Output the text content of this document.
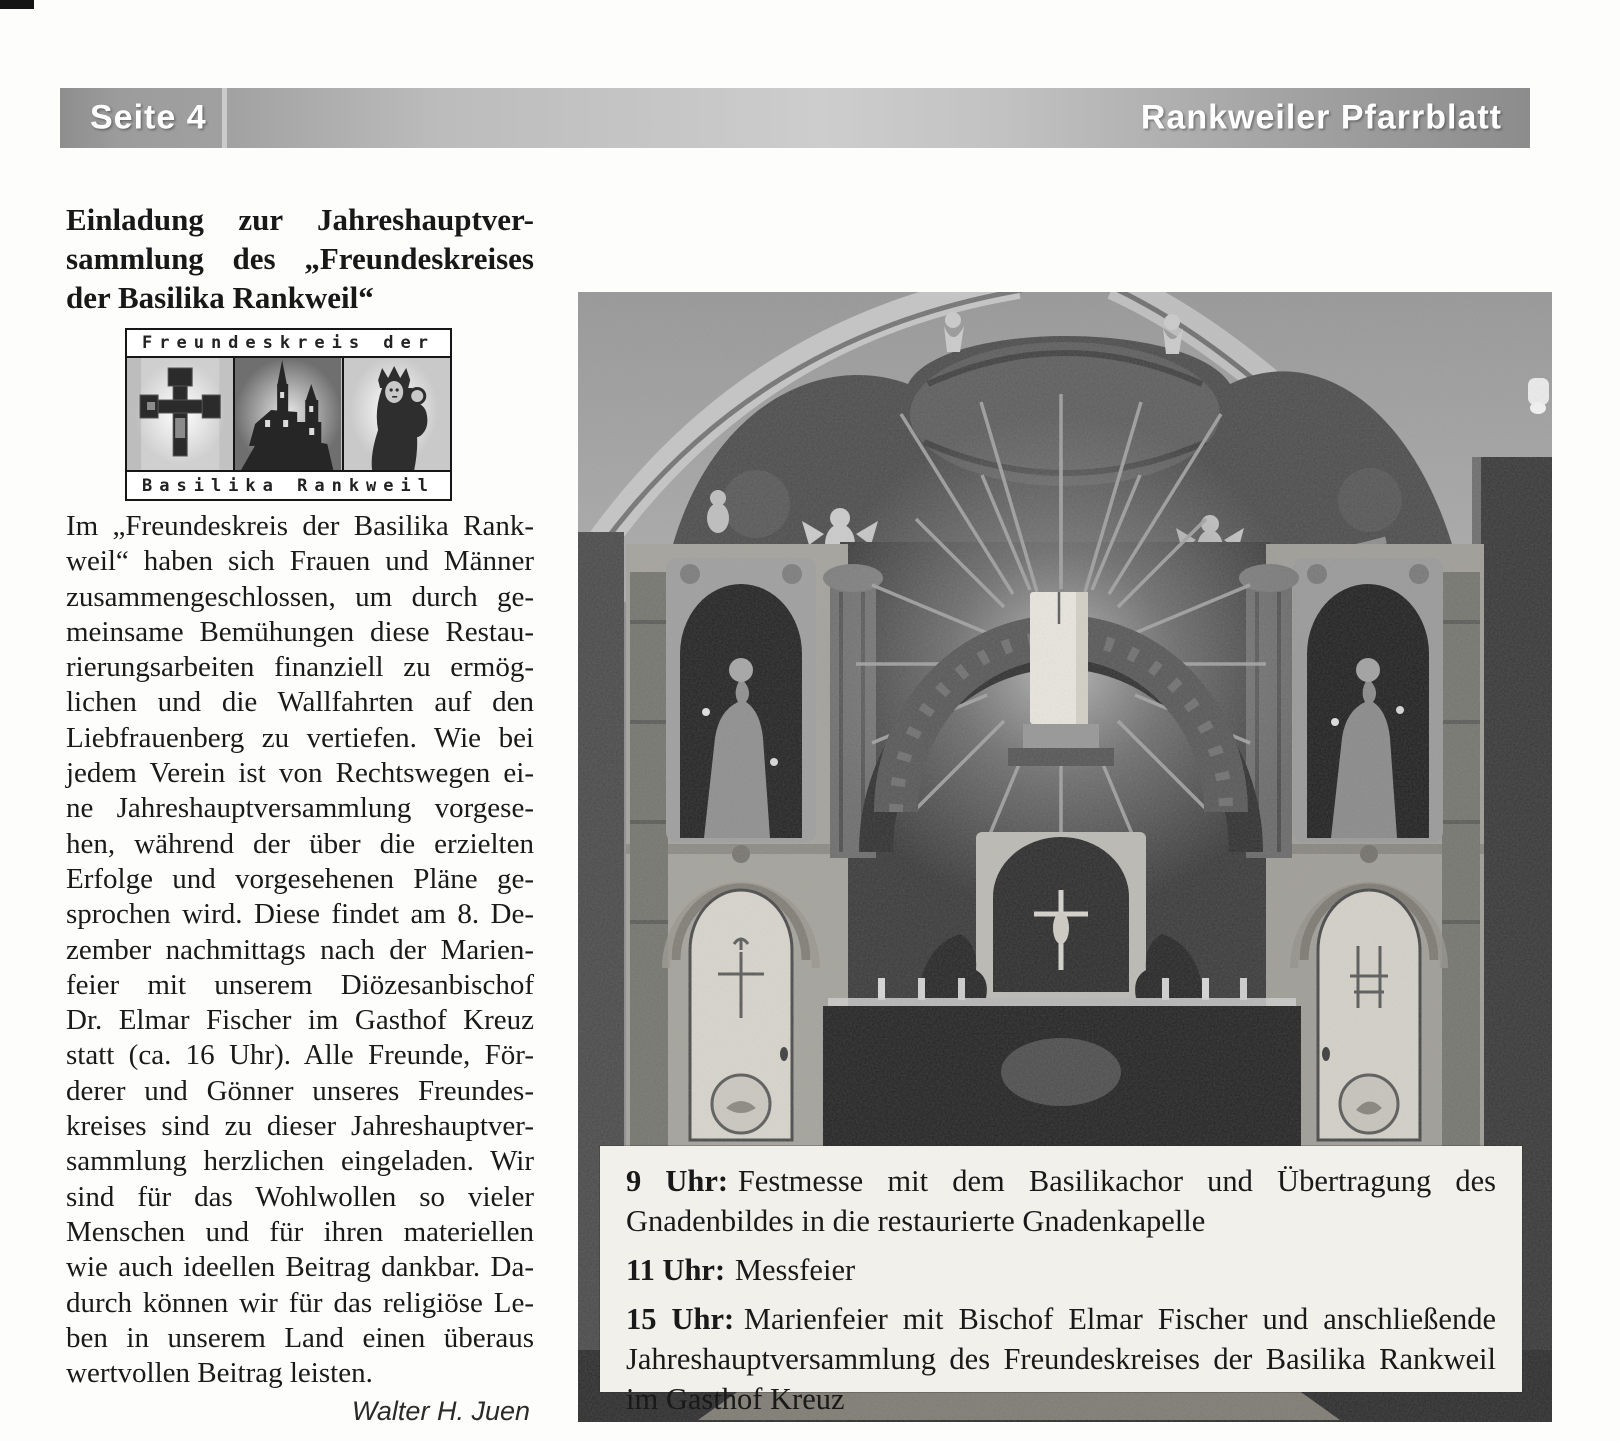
Seite 4	Rankweiler Pfarrblatt
Einladung zur Jahreshauptver-
sammlung des „Freundeskreises
der Basilika Rankweil“
Freundeskreis der
Basilika Rankweil
Im „Freundeskreis der Basilika Rank-
weil“ haben sich Frauen und Männer
zusammengeschlossen, um durch ge-
meinsame Bemühungen diese Restau-
rierungsarbeiten finanziell zu ermög-
lichen und die Wallfahrten auf den
Liebfrauenberg zu vertiefen. Wie bei
jedem Verein ist von Rechtswegen ei-
ne Jahreshauptversammlung vorgese-
hen, während der über die erzielten
Erfolge und vorgesehenen Pläne ge-
sprochen wird. Diese findet am 8. De-
zember nachmittags nach der Marien-
feier mit unserem Diözesanbischof
Dr. Elmar Fischer im Gasthof Kreuz
statt (ca. 16 Uhr). Alle Freunde, För-
derer und Gönner unseres Freundes-
kreises sind zu dieser Jahreshauptver-
sammlung herzlichen eingeladen. Wir
sind für das Wohlwollen so vieler
Menschen und für ihren materiellen
wie auch ideellen Beitrag dankbar. Da-
durch können wir für das religiöse Le-
ben in unserem Land einen überaus
wertvollen Beitrag leisten.
Walter H. Juen

9 Uhr: Festmesse mit dem Basilikachor und Übertragung des Gnadenbildes in die restaurierte Gnadenkapelle

11 Uhr: Messfeier

15 Uhr: Marienfeier mit Bischof Elmar Fischer und anschließende Jahreshauptversammlung des Freundeskreises der Basilika Rankweil im Gasthof Kreuz
